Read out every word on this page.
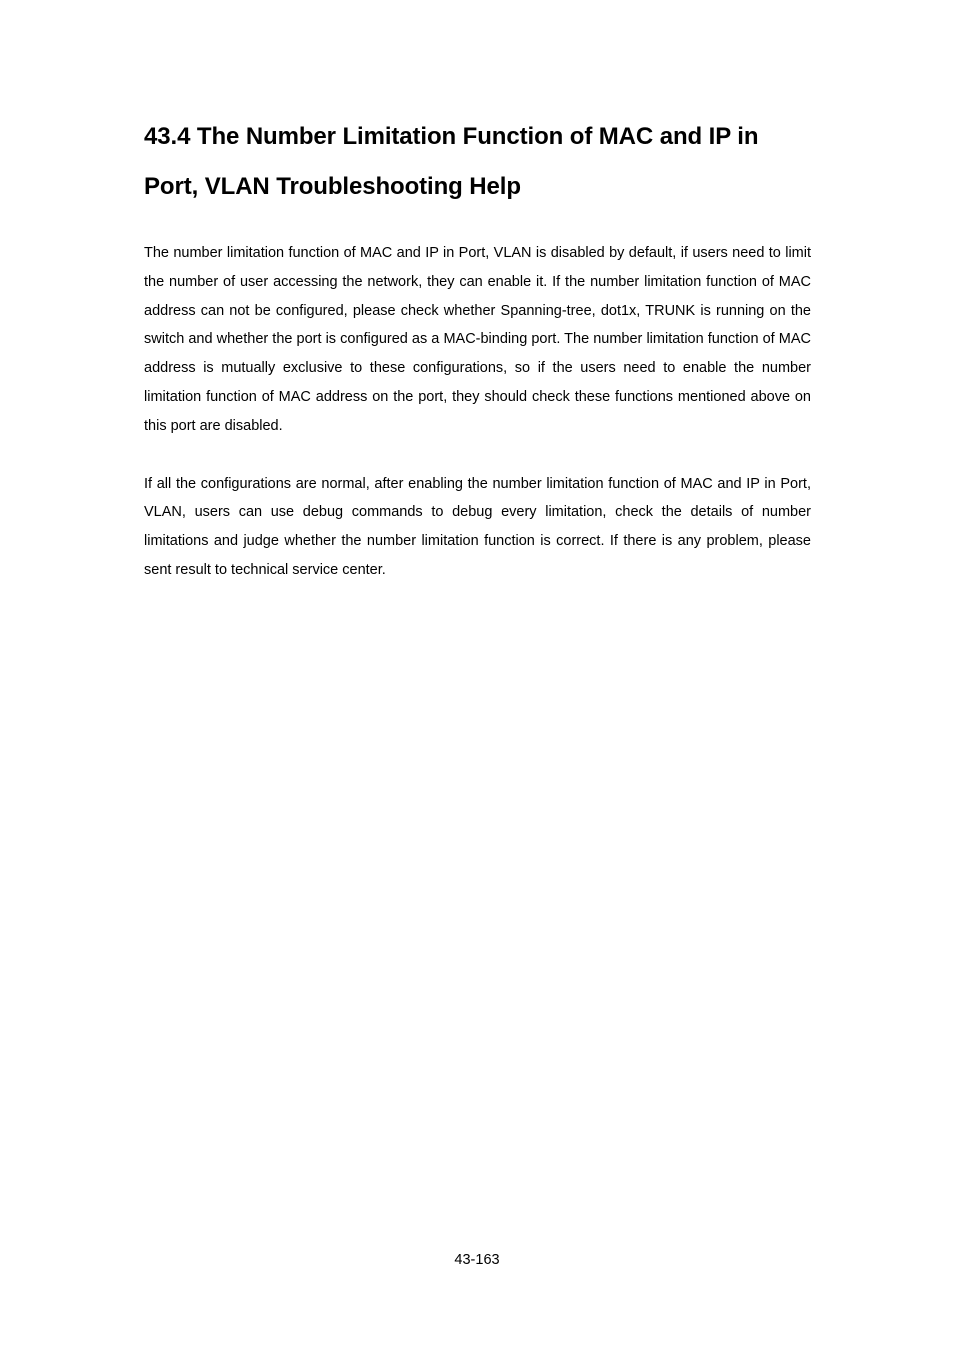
43.4 The Number Limitation Function of MAC and IP in Port, VLAN Troubleshooting Help

The number limitation function of MAC and IP in Port, VLAN is disabled by default, if users need to limit the number of user accessing the network, they can enable it. If the number limitation function of MAC address can not be configured, please check whether Spanning-tree, dot1x, TRUNK is running on the switch and whether the port is configured as a MAC-binding port. The number limitation function of MAC address is mutually exclusive to these configurations, so if the users need to enable the number limitation function of MAC address on the port, they should check these functions mentioned above on this port are disabled.

If all the configurations are normal, after enabling the number limitation function of MAC and IP in Port, VLAN, users can use debug commands to debug every limitation, check the details of number limitations and judge whether the number limitation function is correct. If there is any problem, please sent result to technical service center.

43-163
